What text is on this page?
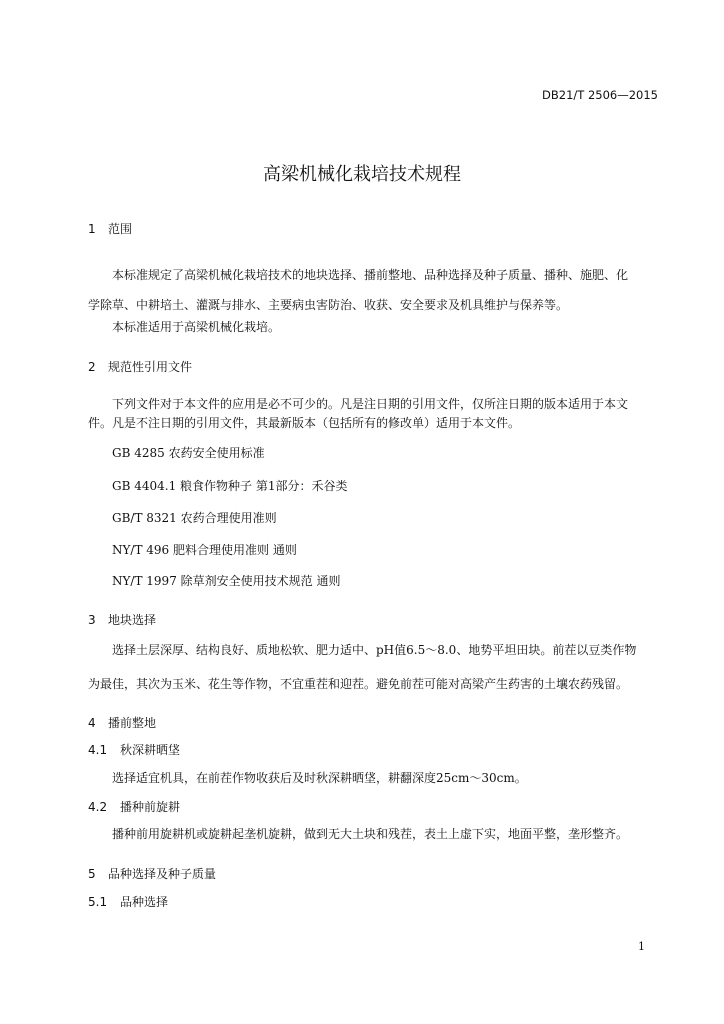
DB21/T 2506—2015
高梁机械化栽培技术规程
1 范围
本标准规定了高梁机械化栽培技术的地块选择、播前整地、品种选择及种子质量、播种、施肥、化
学除草、中耕培土、灌溉与排水、主要病虫害防治、收获、安全要求及机具维护与保养等。
本标准适用于高梁机械化栽培。
2 规范性引用文件
下列文件对于本文件的应用是必不可少的。凡是注日期的引用文件，仅所注日期的版本适用于本文
件。凡是不注日期的引用文件，其最新版本（包括所有的修改单）适用于本文件。
GB 4285 农药安全使用标准
GB 4404.1 粮食作物种子 第1部分：禾谷类
GB/T 8321 农药合理使用准则
NY/T 496 肥料合理使用准则 通则
NY/T 1997 除草剂安全使用技术规范 通则
3 地块选择
选择土层深厚、结构良好、质地松软、肥力适中、pH值6.5～8.0、地势平坦田块。前茬以豆类作物
为最佳，其次为玉米、花生等作物，不宜重茬和迎茬。避免前茬可能对高梁产生药害的土壤农药残留。
4 播前整地
4.1 秋深耕晒垡
选择适宜机具，在前茬作物收获后及时秋深耕晒垡，耕翻深度25cm～30cm。
4.2 播种前旋耕
播种前用旋耕机或旋耕起垄机旋耕，做到无大土块和残茬，表土上虚下实，地面平整，垄形整齐。
5 品种选择及种子质量
5.1 品种选择
1
